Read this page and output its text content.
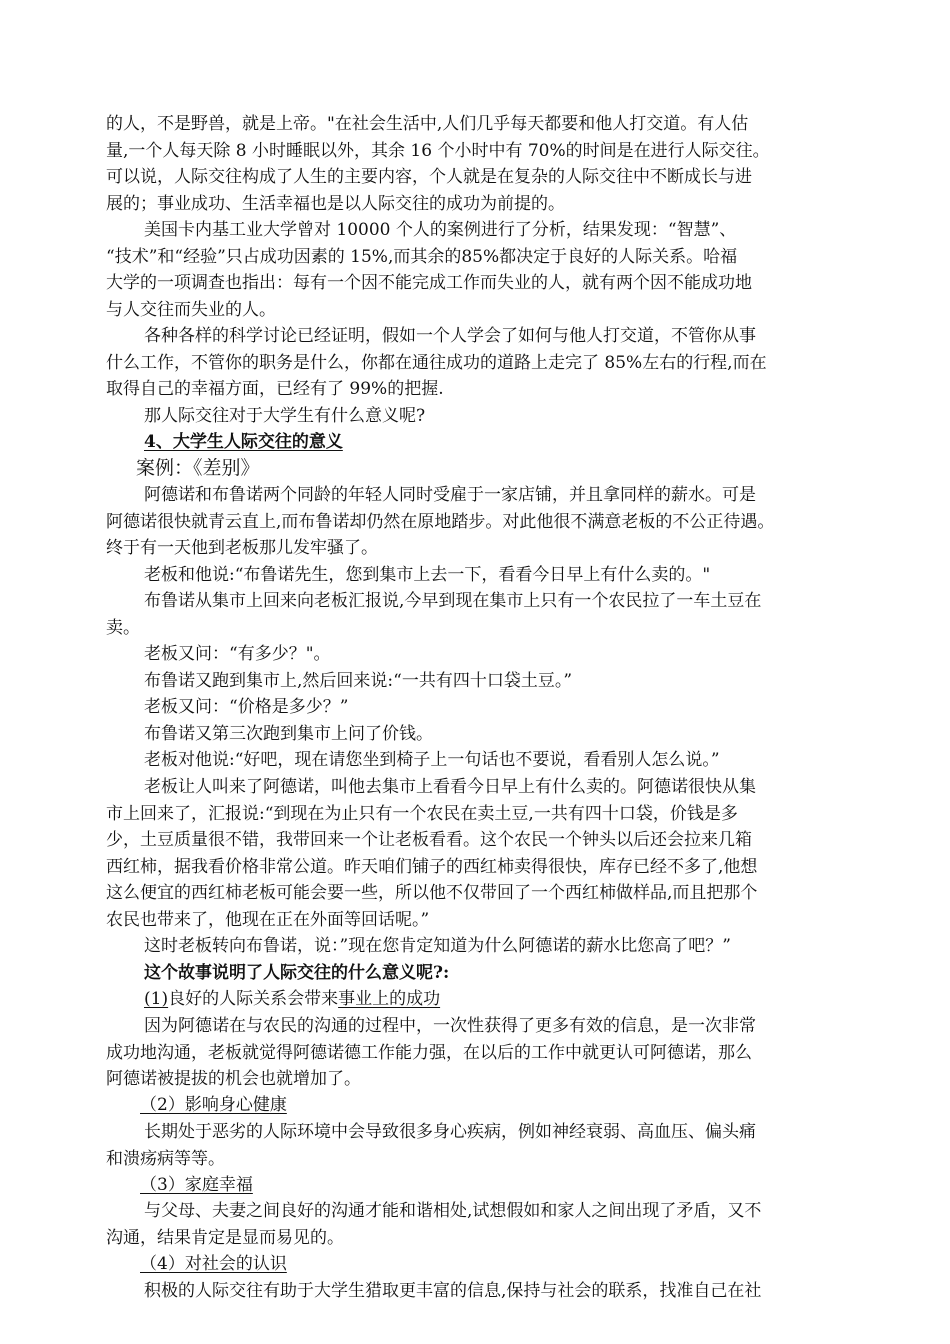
的人，不是野兽，就是上帝。"在社会生活中,人们几乎每天都要和他人打交道。有人估
量,一个人每天除 8 小时睡眠以外，其余 16 个小时中有 70%的时间是在进行人际交往。
可以说，人际交往构成了人生的主要内容，个人就是在复杂的人际交往中不断成长与进
展的；事业成功、生活幸福也是以人际交往的成功为前提的。
美国卡内基工业大学曾对 10000 个人的案例进行了分析，结果发现：“智慧”、
“技术”和“经验”只占成功因素的 15%,而其余的85%都决定于良好的人际关系。哈福
大学的一项调查也指出：每有一个因不能完成工作而失业的人，就有两个因不能成功地
与人交往而失业的人。
各种各样的科学讨论已经证明，假如一个人学会了如何与他人打交道，不管你从事
什么工作，不管你的职务是什么，你都在通往成功的道路上走完了 85%左右的行程,而在
取得自己的幸福方面，已经有了 99%的把握.
那人际交往对于大学生有什么意义呢?
4、大学生人际交往的意义
案例：《差别》
阿德诺和布鲁诺两个同龄的年轻人同时受雇于一家店铺，并且拿同样的薪水。可是
阿德诺很快就青云直上,而布鲁诺却仍然在原地踏步。对此他很不满意老板的不公正待遇。
终于有一天他到老板那儿发牢骚了。
老板和他说:“布鲁诺先生，您到集市上去一下，看看今日早上有什么卖的。"
布鲁诺从集市上回来向老板汇报说,今早到现在集市上只有一个农民拉了一车土豆在
卖。
老板又问：“有多少？"。
布鲁诺又跑到集市上,然后回来说:“一共有四十口袋土豆。”
老板又问：“价格是多少？”
布鲁诺又第三次跑到集市上问了价钱。
老板对他说:“好吧，现在请您坐到椅子上一句话也不要说，看看别人怎么说。”
老板让人叫来了阿德诺，叫他去集市上看看今日早上有什么卖的。阿德诺很快从集
市上回来了，汇报说:“到现在为止只有一个农民在卖土豆,一共有四十口袋，价钱是多
少，土豆质量很不错，我带回来一个让老板看看。这个农民一个钟头以后还会拉来几箱
西红柿，据我看价格非常公道。昨天咱们铺子的西红柿卖得很快，库存已经不多了,他想
这么便宜的西红柿老板可能会要一些，所以他不仅带回了一个西红柿做样品,而且把那个
农民也带来了，他现在正在外面等回话呢。”
这时老板转向布鲁诺，说：”现在您肯定知道为什么阿德诺的薪水比您高了吧？”
这个故事说明了人际交往的什么意义呢?:
(1)良好的人际关系会带来事业上的成功
因为阿德诺在与农民的沟通的过程中，一次性获得了更多有效的信息，是一次非常
成功地沟通，老板就觉得阿德诺德工作能力强，在以后的工作中就更认可阿德诺，那么
阿德诺被提拔的机会也就增加了。
（2）影响身心健康
长期处于恶劣的人际环境中会导致很多身心疾病，例如神经衰弱、高血压、偏头痛
和溃疡病等等。
（3）家庭幸福
与父母、夫妻之间良好的沟通才能和谐相处,试想假如和家人之间出现了矛盾，又不
沟通，结果肯定是显而易见的。
（4）对社会的认识
积极的人际交往有助于大学生猎取更丰富的信息,保持与社会的联系，找准自己在社
